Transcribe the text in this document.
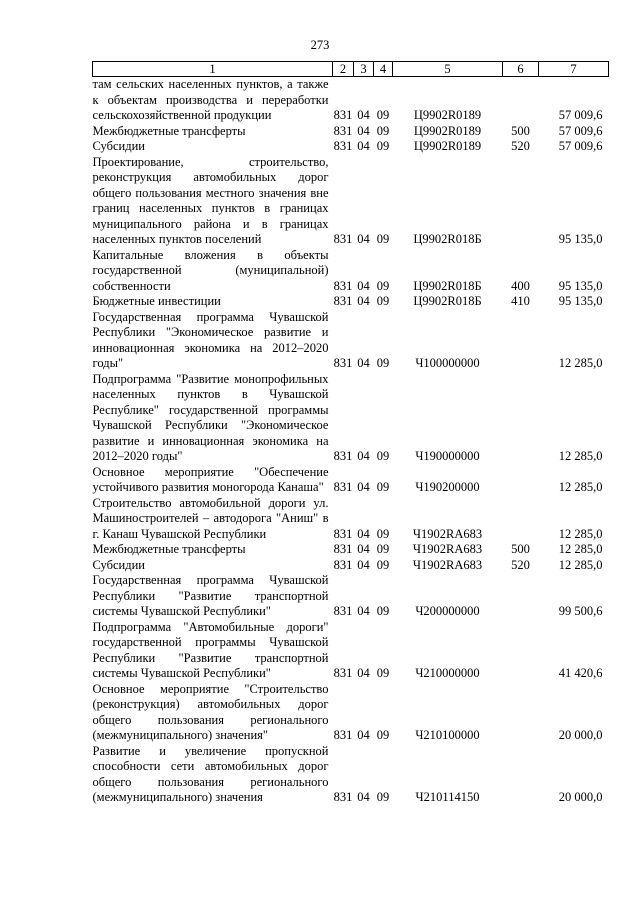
273
1	2	3	4	5	6	7
там сельских населенных пунктов, а также к объектам производства и переработки сельскохозяйственной продукции	831	04	09	Ц9902R0189		57 009,6
Межбюджетные трансферты	831	04	09	Ц9902R0189	500	57 009,6
Субсидии	831	04	09	Ц9902R0189	520	57 009,6
Проектирование, строительство, реконструкция автомобильных дорог общего пользования местного значения вне границ населенных пунктов в границах муниципального района и в границах населенных пунктов поселений	831	04	09	Ц9902R018Б		95 135,0
Капитальные вложения в объекты государственной (муниципальной) собственности	831	04	09	Ц9902R018Б	400	95 135,0
Бюджетные инвестиции	831	04	09	Ц9902R018Б	410	95 135,0
Государственная программа Чувашской Республики "Экономическое развитие и инновационная экономика на 2012–2020 годы"	831	04	09	Ч100000000		12 285,0
Подпрограмма "Развитие монопрофильных населенных пунктов в Чувашской Республике" государственной программы Чувашской Республики "Экономическое развитие и инновационная экономика на 2012–2020 годы"	831	04	09	Ч190000000		12 285,0
Основное мероприятие "Обеспечение устойчивого развития моногорода Канаша"	831	04	09	Ч190200000		12 285,0
Строительство автомобильной дороги ул. Машиностроителей – автодорога "Аниш" в г. Канаш Чувашской Республики	831	04	09	Ч1902RA683		12 285,0
Межбюджетные трансферты	831	04	09	Ч1902RA683	500	12 285,0
Субсидии	831	04	09	Ч1902RA683	520	12 285,0
Государственная программа Чувашской Республики "Развитие транспортной системы Чувашской Республики"	831	04	09	Ч200000000		99 500,6
Подпрограмма "Автомобильные дороги" государственной программы Чувашской Республики "Развитие транспортной системы Чувашской Республики"	831	04	09	Ч210000000		41 420,6
Основное мероприятие "Строительство (реконструкция) автомобильных дорог общего пользования регионального (межмуниципального) значения"	831	04	09	Ч210100000		20 000,0
Развитие и увеличение пропускной способности сети автомобильных дорог общего пользования регионального (межмуниципального) значения	831	04	09	Ч210114150		20 000,0
